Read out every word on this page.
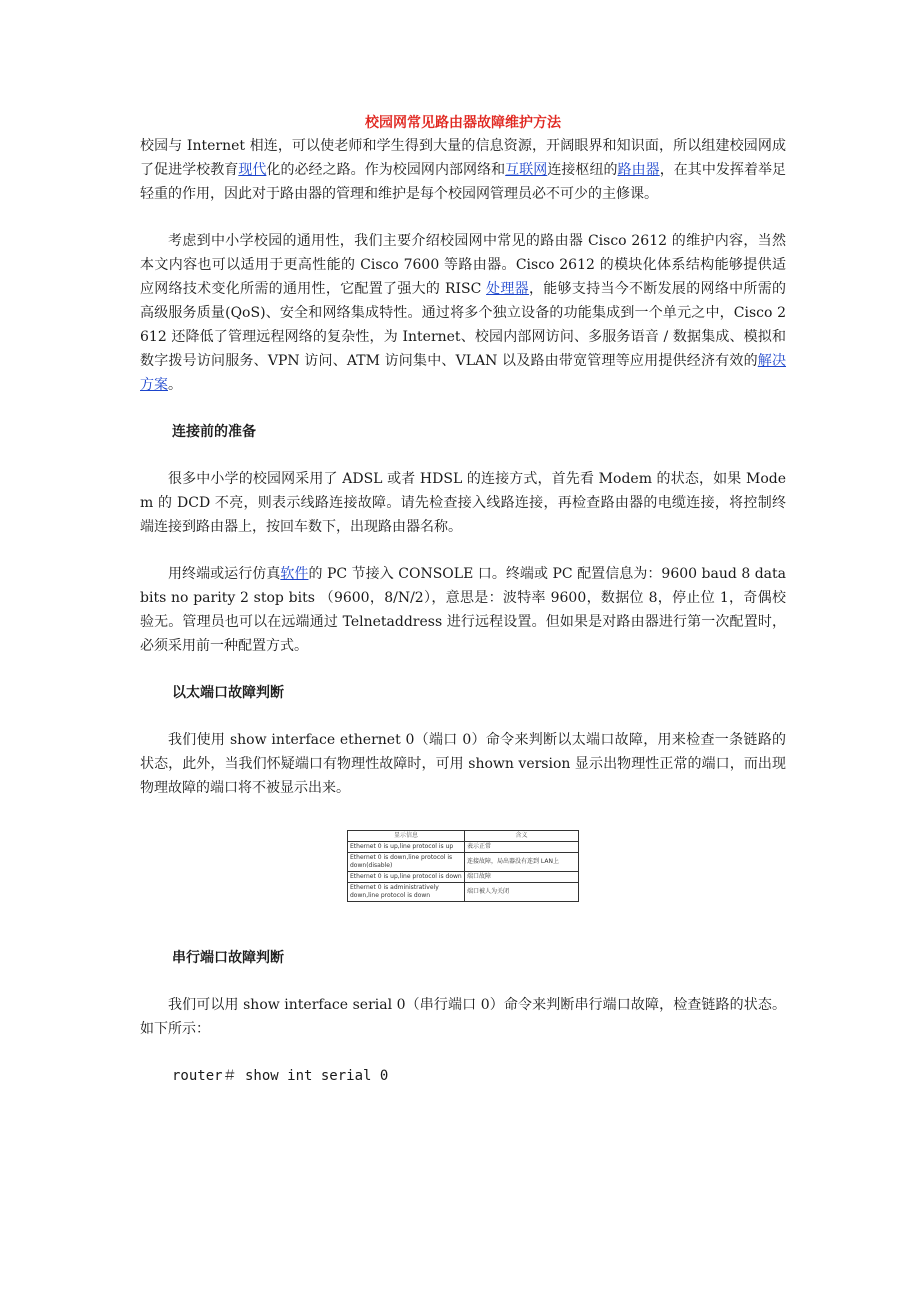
校园网常见路由器故障维护方法

校园与 Internet 相连，可以使老师和学生得到大量的信息资源，开阔眼界和知识面，所以组建校园网成了促进学校教育现代化的必经之路。作为校园网内部网络和互联网连接枢纽的路由器，在其中发挥着举足轻重的作用，因此对于路由器的管理和维护是每个校园网管理员必不可少的主修课。

考虑到中小学校园的通用性，我们主要介绍校园网中常见的路由器 Cisco 2612 的维护内容，当然本文内容也可以适用于更高性能的 Cisco 7600 等路由器。Cisco 2612 的模块化体系结构能够提供适应网络技术变化所需的通用性，它配置了强大的 RISC 处理器，能够支持当今不断发展的网络中所需的高级服务质量(QoS)、安全和网络集成特性。通过将多个独立设备的功能集成到一个单元之中，Cisco 2612 还降低了管理远程网络的复杂性，为 Internet、校园内部网访问、多服务语音 / 数据集成、模拟和数字拨号访问服务、VPN 访问、ATM 访问集中、VLAN 以及路由带宽管理等应用提供经济有效的解决方案。

连接前的准备

很多中小学的校园网采用了 ADSL 或者 HDSL 的连接方式，首先看 Modem 的状态，如果 Modem 的 DCD 不亮，则表示线路连接故障。请先检查接入线路连接，再检查路由器的电缆连接，将控制终端连接到路由器上，按回车数下，出现路由器名称。

用终端或运行仿真软件的 PC 节接入 CONSOLE 口。终端或 PC 配置信息为：9600 baud 8 data bits no parity 2 stop bits （9600，8/N/2），意思是：波特率 9600，数据位 8，停止位 1，奇偶校验无。管理员也可以在远端通过 Telnetaddress 进行远程设置。但如果是对路由器进行第一次配置时，必须采用前一种配置方式。

以太端口故障判断

我们使用 show interface ethernet 0（端口 0）命令来判断以太端口故障，用来检查一条链路的状态，此外，当我们怀疑端口有物理性故障时，可用 shown version 显示出物理性正常的端口，而出现物理故障的端口将不被显示出来。

显示信息	含义
Ethernet 0 is up,line protocol is up	表示正常
Ethernet 0 is down,line protocol is down(disable)	连接故障，局出器没有连到 LAN上
Ethernet 0 is up,line protocol is down	端口故障
Ethernet 0 is administratively down,line protocol is down	端口被人为关闭
串行端口故障判断

我们可以用 show interface serial 0（串行端口 0）命令来判断串行端口故障，检查链路的状态。如下所示：

router＃ show int serial 0
